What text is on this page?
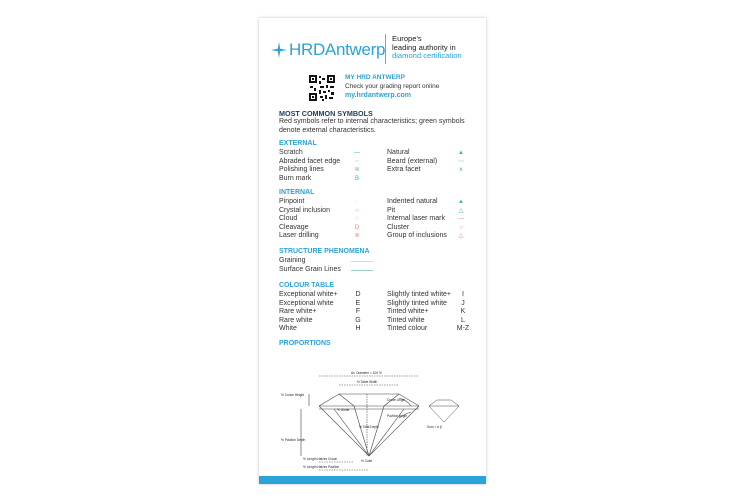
HRDAntwerp
Europe's
leading authority in
diamond certification
MY HRD ANTWERP
Check your grading report online
my.hrdantwerp.com
MOST COMMON SYMBOLS
Red symbols refer to internal characteristics; green symbols denote external characteristics.
EXTERNAL
Scratch
Abraded facet edge
Polishing lines
Burn mark
—
┈
≋
B
Natural
Beard (external)
Extra facet
▲
⋯
∧
INTERNAL
Pinpoint
Crystal inclusion
Cloud
Cleavage
Laser drilling
·
○
◌
D
⊚
Indented natural
Pit
Internal laser mark
Cluster
Group of inclusions
▲
△
—
○
△
STRUCTURE PHENOMENA
Graining
Surface Grain Lines
COLOUR TABLE
Exceptional white+
Exceptional white
Rare white+
Rare white
White
D
E
F
G
H
Slightly tinted white+
Slightly tinted white
Tinted white+
Tinted white
Tinted colour
I
J
K
L
M-Z
PROPORTIONS
Av. Diameter = 100 %
% Table Width
% Crown Height
% Girdle
Crown Angle
Pavilion Angle
% Total Depth
% Pavilion Depth
Sum = α β
% Culet
% Length Halves Crown
% Length Halves Pavilion
